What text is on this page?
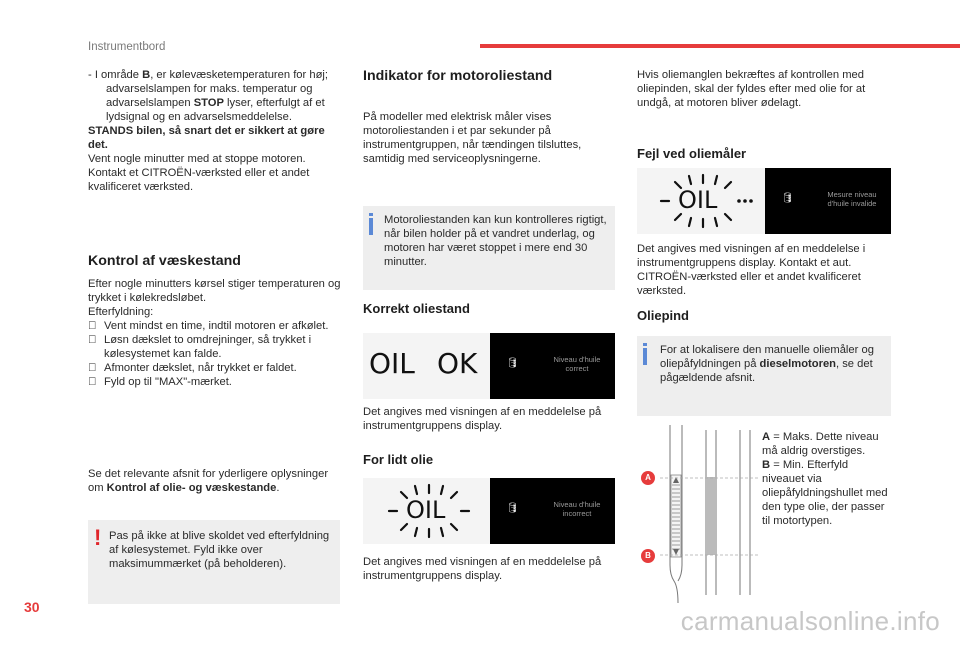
Instrumentbord

- I område B, er kølevæsketemperaturen for høj; advarselslampen for maks. temperatur og advarselslampen STOP lyser, efterfulgt af et lydsignal og en advarselsmeddelelse.

STANDS bilen, så snart det er sikkert at gøre det.

Vent nogle minutter med at stoppe motoren. Kontakt et CITROËN-værksted eller et andet kvalificeret værksted.

Kontrol af væskestand

Efter nogle minutters kørsel stiger temperaturen og trykket i kølekredsløbet.

Efterfyldning:

Vent mindst en time, indtil motoren er afkølet.

Løsn dækslet to omdrejninger, så trykket i kølesystemet kan falde.

Afmonter dækslet, når trykket er faldet.

Fyld op til "MAX"-mærket.

Se det relevante afsnit for yderligere oplysninger om Kontrol af olie- og væskestande.
! Pas på ikke at blive skoldet ved efterfyldning af kølesystemet. Fyld ikke over maksimummærket (på beholderen).
Indikator for motoroliestand
På modeller med elektrisk måler vises motoroliestanden i et par sekunder på instrumentgruppen, når tændingen tilsluttes, samtidig med serviceoplysningerne.
Motoroliestanden kan kun kontrolleres rigtigt, når bilen holder på et vandret underlag, og motoren har været stoppet i mere end 30 minutter.
Korrekt oliestand
OIL OK	🛢	Niveau d'huile correct
Det angives med visningen af en meddelelse på instrumentgruppens display.
For lidt olie
OIL	🛢	Niveau d'huile incorrect
Det angives med visningen af en meddelelse på instrumentgruppens display.
Hvis oliemanglen bekræftes af kontrollen med oliepinden, skal der fyldes efter med olie for at undgå, at motoren bliver ødelagt.
Fejl ved oliemåler
OIL	🛢	Mesure niveau d'huile invalide
Det angives med visningen af en meddelelse i instrumentgruppens display. Kontakt et aut. CITROËN-værksted eller et andet kvalificeret værksted.
Oliepind
For at lokalisere den manuelle oliemåler og oliepåfyldningen på dieselmotoren, se det pågældende afsnit.
A
B

A = Maks. Dette niveau må aldrig overstiges.

B = Min. Efterfyld niveauet via oliepåfyldningshullet med den type olie, der passer til motortypen.

30	carmanualsonline.info
